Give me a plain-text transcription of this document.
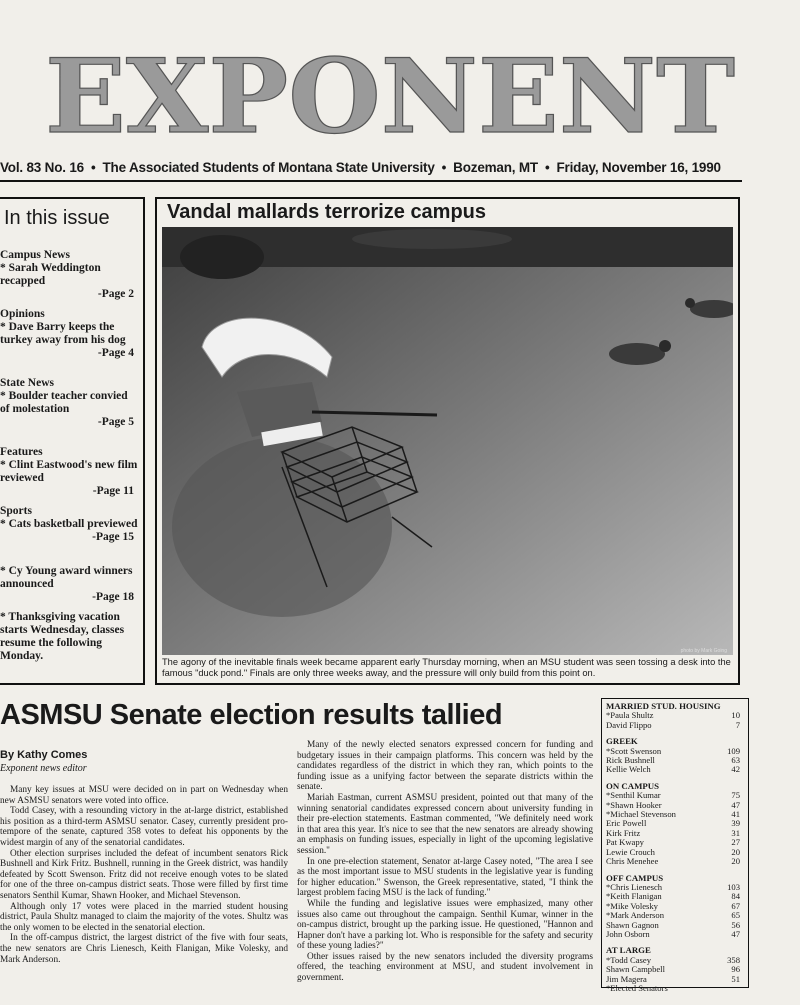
EXPONENT
Vol. 83 No. 16 • The Associated Students of Montana State University • Bozeman, MT • Friday, November 16, 1990
In this issue
Campus News
* Sarah Weddington recapped
-Page 2
Opinions
* Dave Barry keeps the turkey away from his dog
-Page 4
State News
* Boulder teacher convied of molestation
-Page 5
Features
* Clint Eastwood's new film reviewed
-Page 11
Sports
* Cats basketball previewed
-Page 15
* Cy Young award winners announced
-Page 18
* Thanksgiving vacation starts Wednesday, classes resume the following Monday.
Vandal mallards terrorize campus
photo by Mark Going
The agony of the inevitable finals week became apparent early Thursday morning, when an MSU student was seen tossing a desk into the famous "duck pond." Finals are only three weeks away, and the pressure will only build from this point on.
ASMSU Senate election results tallied
By Kathy Comes
Exponent news editor

Many key issues at MSU were decided on in part on Wednesday when new ASMSU senators were voted into office.

Todd Casey, with a resounding victory in the at-large district, established his position as a third-term ASMSU senator. Casey, currently president pro-tempore of the senate, captured 358 votes to defeat his opponents by the widest margin of any of the senatorial candidates.

Other election surprises included the defeat of incumbent senators Rick Bushnell and Kirk Fritz. Bushnell, running in the Greek district, was handily defeated by Scott Swenson. Fritz did not receive enough votes to be slated for one of the three on-campus district seats. Those were filled by first time senators Senthil Kumar, Shawn Hooker, and Michael Stevenson.

Although only 17 votes were placed in the married student housing district, Paula Shultz managed to claim the majority of the votes. Shultz was the only women to be elected in the senatorial election.

In the off-campus district, the largest district of the five with four seats, the new senators are Chris Lienesch, Keith Flanigan, Mike Volesky, and Mark Anderson.

Many of the newly elected senators expressed concern for funding and budgetary issues in their campaign platforms. This concern was held by the candidates regardless of the district in which they ran, which points to the funding issue as a unifying factor between the separate districts within the senate.

Mariah Eastman, current ASMSU president, pointed out that many of the winning senatorial candidates expressed concern about university funding in their pre-election statements. Eastman commented, "We definitely need work in that area this year. It's nice to see that the new senators are already showing an emphasis on funding issues, especially in light of the upcoming legislative session."

In one pre-election statement, Senator at-large Casey noted, "The area I see as the most important issue to MSU students in the legislative year is funding for higher education." Swenson, the Greek representative, stated, "I think the largest problem facing MSU is the lack of funding."

While the funding and legislative issues were emphasized, many other issues also came out throughout the campaign. Senthil Kumar, winner in the on-campus district, brought up the parking issue. He questioned, "Hannon and Hapner don't have a parking lot. Who is responsible for the safety and security of these young ladies?"

Other issues raised by the new senators included the diversity programs offered, the teaching environment at MSU, and student involvement in government.

MARRIED STUD. HOUSING
*Paula Shultz	10
David Flippo	7
GREEK
*Scott Swenson	109
Rick Bushnell	63
Kellie Welch	42
ON CAMPUS
*Senthil Kumar	75
*Shawn Hooker	47
*Michael Stevenson	41
Eric Powell	39
Kirk Fritz	31
Pat Kwapy	27
Lewie Crouch	20
Chris Menehee	20
OFF CAMPUS
*Chris Lienesch	103
*Keith Flanigan	84
*Mike Volesky	67
*Mark Anderson	65
Shawn Gagnon	56
John Osborn	47
AT LARGE
*Todd Casey	358
Shawn Campbell	96
Jim Magera	51
*Elected Senators
